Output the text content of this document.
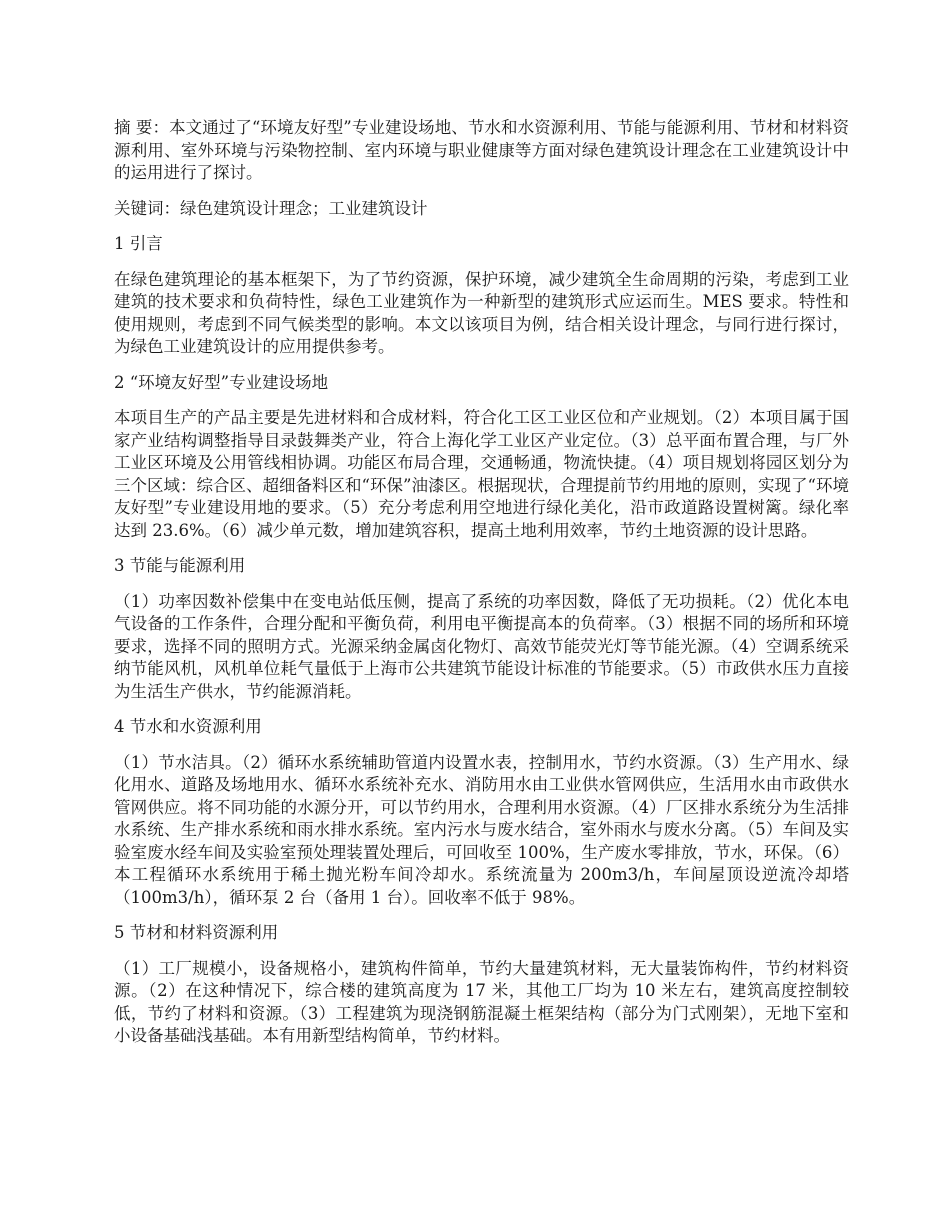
摘 要：本文通过了“环境友好型”专业建设场地、节水和水资源利用、节能与能源利用、节材和材料资源利用、室外环境与污染物控制、室内环境与职业健康等方面对绿色建筑设计理念在工业建筑设计中的运用进行了探讨。

关键词：绿色建筑设计理念；工业建筑设计

1 引言

在绿色建筑理论的基本框架下，为了节约资源，保护环境，减少建筑全生命周期的污染，考虑到工业建筑的技术要求和负荷特性，绿色工业建筑作为一种新型的建筑形式应运而生。MES 要求。特性和使用规则，考虑到不同气候类型的影响。本文以该项目为例，结合相关设计理念，与同行进行探讨，为绿色工业建筑设计的应用提供参考。

2 “环境友好型”专业建设场地

本项目生产的产品主要是先进材料和合成材料，符合化工区工业区位和产业规划。（2）本项目属于国家产业结构调整指导目录鼓舞类产业，符合上海化学工业区产业定位。（3）总平面布置合理，与厂外工业区环境及公用管线相协调。功能区布局合理，交通畅通，物流快捷。（4）项目规划将园区划分为三个区域：综合区、超细备料区和“环保”油漆区。根据现状，合理提前节约用地的原则，实现了“环境友好型”专业建设用地的要求。（5）充分考虑利用空地进行绿化美化，沿市政道路设置树篱。绿化率达到 23.6%。（6）减少单元数，增加建筑容积，提高土地利用效率，节约土地资源的设计思路。

3 节能与能源利用

（1）功率因数补偿集中在变电站低压侧，提高了系统的功率因数，降低了无功损耗。（2）优化本电气设备的工作条件，合理分配和平衡负荷，利用电平衡提高本的负荷率。（3）根据不同的场所和环境要求，选择不同的照明方式。光源采纳金属卤化物灯、高效节能荧光灯等节能光源。（4）空调系统采纳节能风机，风机单位耗气量低于上海市公共建筑节能设计标准的节能要求。（5）市政供水压力直接为生活生产供水，节约能源消耗。

4 节水和水资源利用

（1）节水洁具。（2）循环水系统辅助管道内设置水表，控制用水，节约水资源。（3）生产用水、绿化用水、道路及场地用水、循环水系统补充水、消防用水由工业供水管网供应，生活用水由市政供水管网供应。将不同功能的水源分开，可以节约用水，合理利用水资源。（4）厂区排水系统分为生活排水系统、生产排水系统和雨水排水系统。室内污水与废水结合，室外雨水与废水分离。（5）车间及实验室废水经车间及实验室预处理装置处理后，可回收至 100%，生产废水零排放，节水，环保。（6）本工程循环水系统用于稀土抛光粉车间冷却水。系统流量为 200m3/h，车间屋顶设逆流冷却塔（100m3/h），循环泵 2 台（备用 1 台）。回收率不低于 98%。

5 节材和材料资源利用

（1）工厂规模小，设备规格小，建筑构件简单，节约大量建筑材料，无大量装饰构件，节约材料资源。（2）在这种情况下，综合楼的建筑高度为 17 米，其他工厂均为 10 米左右，建筑高度控制较低，节约了材料和资源。（3）工程建筑为现浇钢筋混凝土框架结构（部分为门式刚架），无地下室和小设备基础浅基础。本有用新型结构简单，节约材料。
